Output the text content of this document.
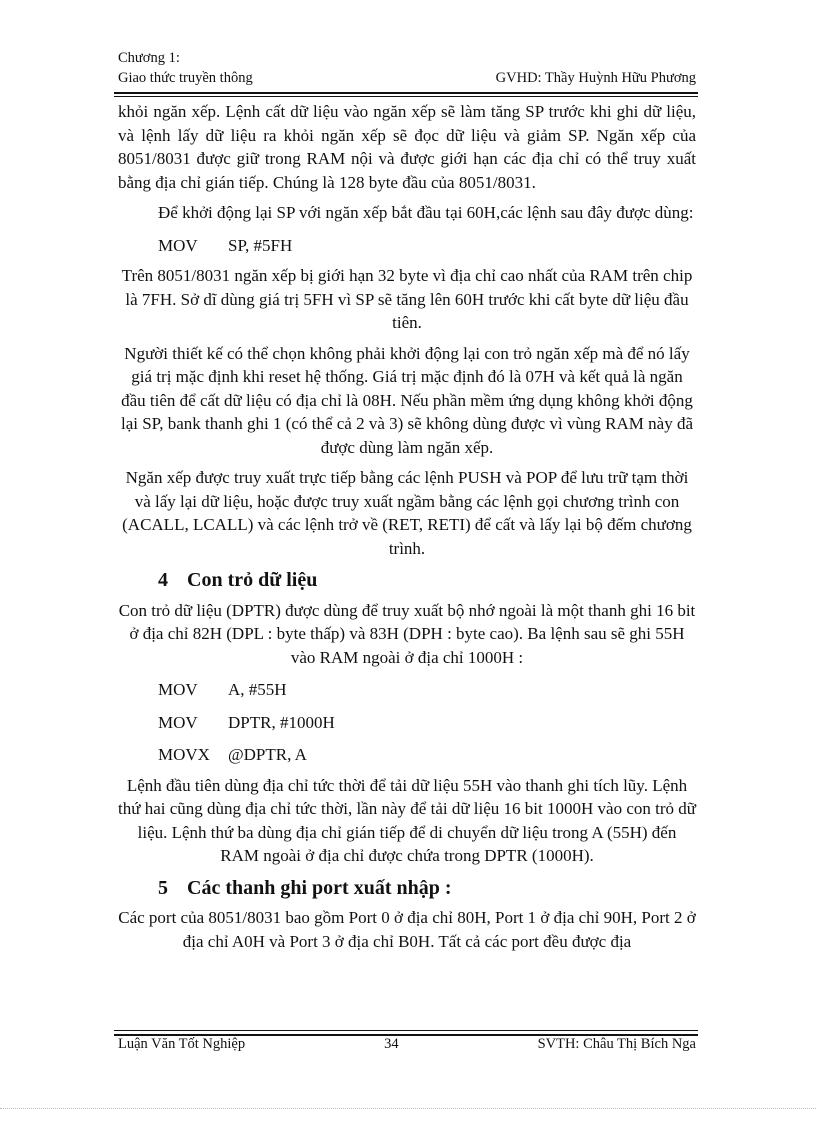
Chương 1:
Giao thức truyền thông	GVHD: Thầy Huỳnh Hữu Phương

khỏi ngăn xếp. Lệnh cất dữ liệu vào ngăn xếp sẽ làm tăng SP trước khi ghi dữ liệu, và lệnh lấy dữ liệu ra khỏi ngăn xếp sẽ đọc dữ liệu và giảm SP. Ngăn xếp của 8051/8031 được giữ trong RAM nội và được giới hạn các địa chỉ có thể truy xuất bằng địa chỉ gián tiếp. Chúng là 128 byte đầu của 8051/8031.

Để khởi động lại SP với ngăn xếp bắt đầu tại 60H,các lệnh sau đây được dùng:

MOV	SP, #5FH

Trên 8051/8031 ngăn xếp bị giới hạn 32 byte vì địa chỉ cao nhất của RAM trên chip là 7FH. Sở dĩ dùng giá trị 5FH vì SP sẽ tăng lên 60H trước khi cất byte dữ liệu đầu tiên.

Người thiết kế có thể chọn không phải khởi động lại con trỏ ngăn xếp mà để nó lấy giá trị mặc định khi reset hệ thống. Giá trị mặc định đó là 07H và kết quả là ngăn đầu tiên để cất dữ liệu có địa chỉ là 08H. Nếu phần mềm ứng dụng không khởi động lại SP, bank thanh ghi 1 (có thể cả 2 và 3) sẽ không dùng được vì vùng RAM này đã được dùng làm ngăn xếp.

Ngăn xếp được truy xuất trực tiếp bằng các lệnh PUSH và POP để lưu trữ tạm thời và lấy lại dữ liệu, hoặc được truy xuất ngầm bằng các lệnh gọi chương trình con (ACALL, LCALL) và các lệnh trở về (RET, RETI) để cất và lấy lại bộ đếm chương trình.

4 Con trỏ dữ liệu

Con trỏ dữ liệu (DPTR) được dùng để truy xuất bộ nhớ ngoài là một thanh ghi 16 bit ở địa chỉ 82H (DPL : byte thấp) và 83H (DPH : byte cao). Ba lệnh sau sẽ ghi 55H vào RAM ngoài ở địa chỉ 1000H :

MOV	A, #55H
MOV	DPTR, #1000H
MOVX	@DPTR, A

Lệnh đầu tiên dùng địa chỉ tức thời để tải dữ liệu 55H vào thanh ghi tích lũy. Lệnh thứ hai cũng dùng địa chỉ tức thời, lần này để tải dữ liệu 16 bit 1000H vào con trỏ dữ liệu. Lệnh thứ ba dùng địa chỉ gián tiếp để di chuyển dữ liệu trong A (55H) đến RAM ngoài ở địa chỉ được chứa trong DPTR (1000H).

5 Các thanh ghi port xuất nhập :

Các port của 8051/8031 bao gồm Port 0 ở địa chỉ 80H, Port 1 ở địa chỉ 90H, Port 2 ở địa chỉ A0H và Port 3 ở địa chỉ B0H. Tất cả các port đều được địa

Luận Văn Tốt Nghiệp	34	SVTH: Châu Thị Bích Nga
